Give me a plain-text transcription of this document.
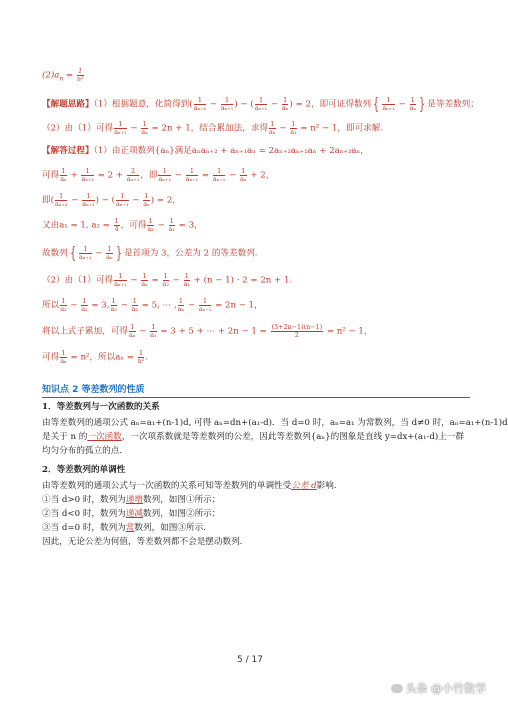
$(2)a_n = \frac{1}{\text{n²}}$
【解题思路】（1）根据题意，化简得到( $\frac{1}{\text{aₙ₊₂}} - \frac{1}{\text{aₙ₊₁}}$ ) − ( $\frac{1}{\text{aₙ₊₁}} - \frac{1}{\text{aₙ}}$ ) = 2，即可证得数列 { $\frac{1}{\text{aₙ₊₁}} - \frac{1}{\text{aₙ}}$ } 是等差数列；
（2）由（1）可得 $\frac{1}{\text{aₙ₊₁}} - \frac{1}{\text{aₙ}} = 2n + 1$，结合累加法，求得 $\frac{1}{\text{aₙ}} - \frac{1}{\text{a₁}} = n^2 - 1$，即可求解.
【解答过程】（1）由正项数列{aₙ}满足aₙaₙ₊₂ + aₙ₊₁aₙ = 2aₙ₊₂aₙ₊₁aₙ + 2aₙ₊₂aₙ，
可得 $\frac{1}{\text{aₙ}} + \frac{1}{\text{aₙ₊₂}} = 2 + \frac{2}{\text{aₙ₊₁}}$ ，即 $\frac{1}{\text{aₙ₊₂}} - \frac{1}{\text{aₙ₊₁}} = \frac{1}{\text{aₙ₊₁}} - \frac{1}{\text{aₙ}} + 2$，
即( $\frac{1}{\text{aₙ₊₂}} - \frac{1}{\text{aₙ₊₁}}$ ) − ( $\frac{1}{\text{aₙ₊₁}} - \frac{1}{\text{aₙ}}$ ) = 2，
又由a₁ = 1, $a_2 = \frac{1}{4}$ ，可得 $\frac{1}{\text{a₂}} - \frac{1}{\text{a₁}} = 3$，
故数列 { $\frac{1}{\text{aₙ₊₁}} - \frac{1}{\text{aₙ}}$ } 是首项为 3，公差为 2 的等差数列.
（2）由（1）可得 $\frac{1}{\text{aₙ₊₁}} - \frac{1}{\text{aₙ}} = \frac{1}{\text{a₂}} - \frac{1}{\text{a₁}} + (n - 1) \cdot 2 = 2n + 1$.
所以 $\frac{1}{\text{a₂}} - \frac{1}{\text{a₁}} = 3$, $\frac{1}{\text{a₃}} - \frac{1}{\text{a₂}} = 5$, ⋯ , $\frac{1}{\text{aₙ}} - \frac{1}{\text{aₙ₋₁}} = 2n - 1$，
将以上式子累加，可得 $\frac{1}{\text{aₙ}} - \frac{1}{\text{a₁}} = 3 + 5$ + ⋯ + $2n - 1 = \frac{(3+2n-1)(n-1)}{2} = n^2 - 1$，
可得 $\frac{1}{\text{aₙ}} = n^2$，所以$a_n = \frac{1}{\text{n²}}$ .
知识点 2 等差数列的性质
1．等差数列与一次函数的关系
由等差数列的通项公式 aₙ=a₁+(n-1)d, 可得 aₙ=dn+(a₁-d)．当 d=0 时，aₙ=a₁ 为常数列，当 d≠0 时，aₙ=a₁+(n-1)d
是关于 n 的一次函数，一次项系数就是等差数列的公差，因此等差数列{aₙ}的图象是直线 y=dx+(a₁-d)上一群
均匀分布的孤立的点.
2．等差数列的单调性
由等差数列的通项公式与一次函数的关系可知等差数列的单调性受公差 d影响.
①当 d>0 时，数列为递增数列，如图①所示；
②当 d<0 时，数列为递减数列，如图②所示；
③当 d=0 时，数列为常数列，如图③所示.
因此，无论公差为何值，等差数列都不会是摆动数列.
5 / 17
头条 @小竹数学
